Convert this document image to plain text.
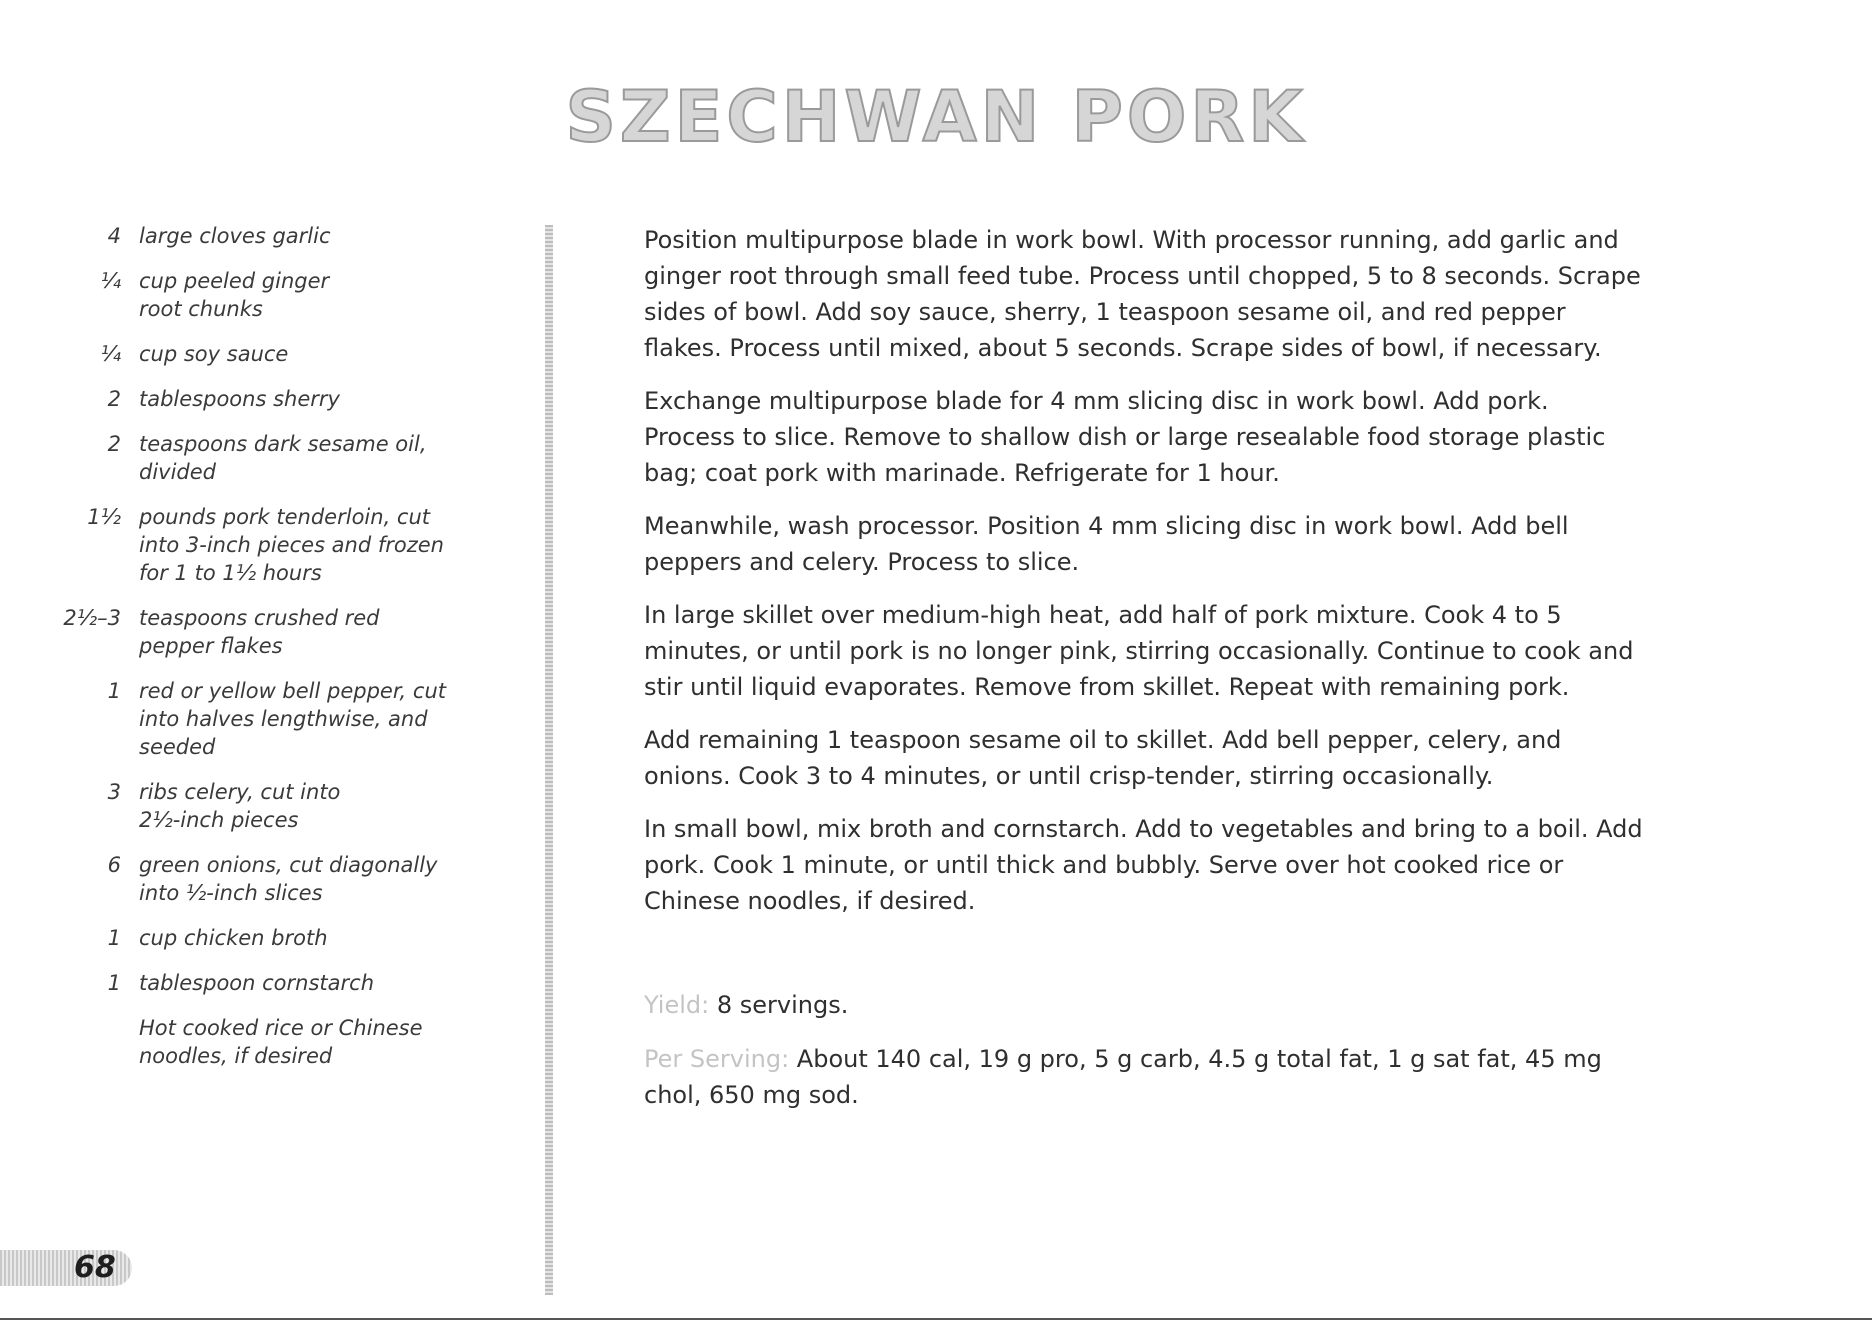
SZECHWAN PORK
4 large cloves garlic
¼ cup peeled ginger
root chunks
¼ cup soy sauce
2 tablespoons sherry
2 teaspoons dark sesame oil,
divided
1½ pounds pork tenderloin, cut
into 3-inch pieces and frozen
for 1 to 1½ hours
2½–3 teaspoons crushed red
pepper flakes
1 red or yellow bell pepper, cut
into halves lengthwise, and
seeded
3 ribs celery, cut into
2½-inch pieces
6 green onions, cut diagonally
into ½-inch slices
1 cup chicken broth
1 tablespoon cornstarch
Hot cooked rice or Chinese
noodles, if desired

Position multipurpose blade in work bowl. With processor running, add garlic and ginger root through small feed tube. Process until chopped, 5 to 8 seconds. Scrape sides of bowl. Add soy sauce, sherry, 1 teaspoon sesame oil, and red pepper flakes. Process until mixed, about 5 seconds. Scrape sides of bowl, if necessary.

Exchange multipurpose blade for 4 mm slicing disc in work bowl. Add pork. Process to slice. Remove to shallow dish or large resealable food storage plastic bag; coat pork with marinade. Refrigerate for 1 hour.

Meanwhile, wash processor. Position 4 mm slicing disc in work bowl. Add bell peppers and celery. Process to slice.

In large skillet over medium-high heat, add half of pork mixture. Cook 4 to 5 minutes, or until pork is no longer pink, stirring occasionally. Continue to cook and stir until liquid evaporates. Remove from skillet. Repeat with remaining pork.

Add remaining 1 teaspoon sesame oil to skillet. Add bell pepper, celery, and onions. Cook 3 to 4 minutes, or until crisp-tender, stirring occasionally.

In small bowl, mix broth and cornstarch. Add to vegetables and bring to a boil. Add pork. Cook 1 minute, or until thick and bubbly. Serve over hot cooked rice or Chinese noodles, if desired.

Yield: 8 servings.
Per Serving: About 140 cal, 19 g pro, 5 g carb, 4.5 g total fat, 1 g sat fat, 45 mg chol, 650 mg sod.
68
